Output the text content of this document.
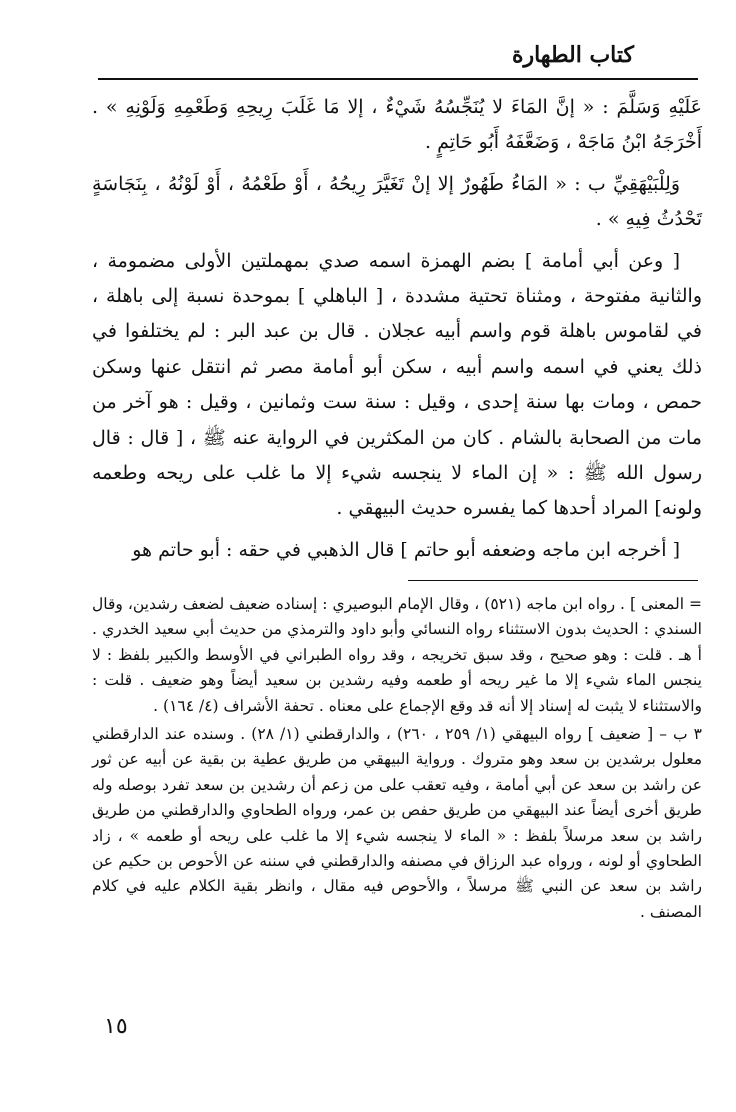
كتاب الطهارة

عَلَيْهِ وَسَلَّمَ : « إنَّ المَاءَ لا يُنَجِّسُهُ شَيْءٌ ، إلا مَا غَلَبَ رِيحِهِ وَطَعْمِهِ وَلَوْنِهِ » . أَخْرَجَهُ ابْنُ مَاجَهْ ، وَضَعَّفَهُ أَبُو حَاتِمٍ .

وَلِلْبَيْهَقِيِّ ب : « المَاءُ طَهُورٌ إلا إنْ تَغَيَّرَ رِيحُهُ ، أَوْ طَعْمُهُ ، أَوْ لَوْنُهُ ، بِنَجَاسَةٍ تَحْدُثُ فِيهِ » .

[ وعن أبي أمامة ] بضم الهمزة اسمه صدي بمهملتين الأولى مضمومة ، والثانية مفتوحة ، ومثناة تحتية مشددة ، [ الباهلي ] بموحدة نسبة إلى باهلة ، في لقاموس باهلة قوم واسم أبيه عجلان . قال بن عبد البر : لم يختلفوا في ذلك يعني في اسمه واسم أبيه ، سكن أبو أمامة مصر ثم انتقل عنها وسكن حمص ، ومات بها سنة إحدى ، وقيل : سنة ست وثمانين ، وقيل : هو آخر من مات من الصحابة بالشام . كان من المكثرين في الرواية عنه ﷺ ، [ قال : قال رسول الله ﷺ : « إن الماء لا ينجسه شيء إلا ما غلب على ريحه وطعمه ولونه] المراد أحدها كما يفسره حديث البيهقي .

[ أخرجه ابن ماجه وضعفه أبو حاتم ] قال الذهبي في حقه : أبو حاتم هو

= المعنى ] . رواه ابن ماجه (٥٢١) ، وقال الإمام البوصيري : إسناده ضعيف لضعف رشدين، وقال السندي : الحديث بدون الاستثناء رواه النسائي وأبو داود والترمذي من حديث أبي سعيد الخدري . أ هـ . قلت : وهو صحيح ، وقد سبق تخريجه ، وقد رواه الطبراني في الأوسط والكبير بلفظ : لا ينجس الماء شيء إلا ما غير ريحه أو طعمه وفيه رشدين بن سعيد أيضاً وهو ضعيف . قلت : والاستثناء لا يثبت له إسناد إلا أنه قد وقع الإجماع على معناه . تحفة الأشراف (٤/ ١٦٤) .

٣ ب – [ ضعيف ] رواه البيهقي (١/ ٢٥٩ ، ٢٦٠) ، والدارقطني (١/ ٢٨) . وسنده عند الدارقطني معلول برشدين بن سعد وهو متروك . ورواية البيهقي من طريق عطية بن بقية عن أبيه عن ثور عن راشد بن سعد عن أبي أمامة ، وفيه تعقب على من زعم أن رشدين بن سعد تفرد بوصله وله طريق أخرى أيضاً عند البيهقي من طريق حفص بن عمر، ورواه الطحاوي والدارقطني من طريق راشد بن سعد مرسلاً بلفظ : « الماء لا ينجسه شيء إلا ما غلب على ريحه أو طعمه » ، زاد الطحاوي أو لونه ، ورواه عبد الرزاق في مصنفه والدارقطني في سننه عن الأحوص بن حكيم عن راشد بن سعد عن النبي ﷺ مرسلاً ، والأحوص فيه مقال ، وانظر بقية الكلام عليه في كلام المصنف .

١٥
